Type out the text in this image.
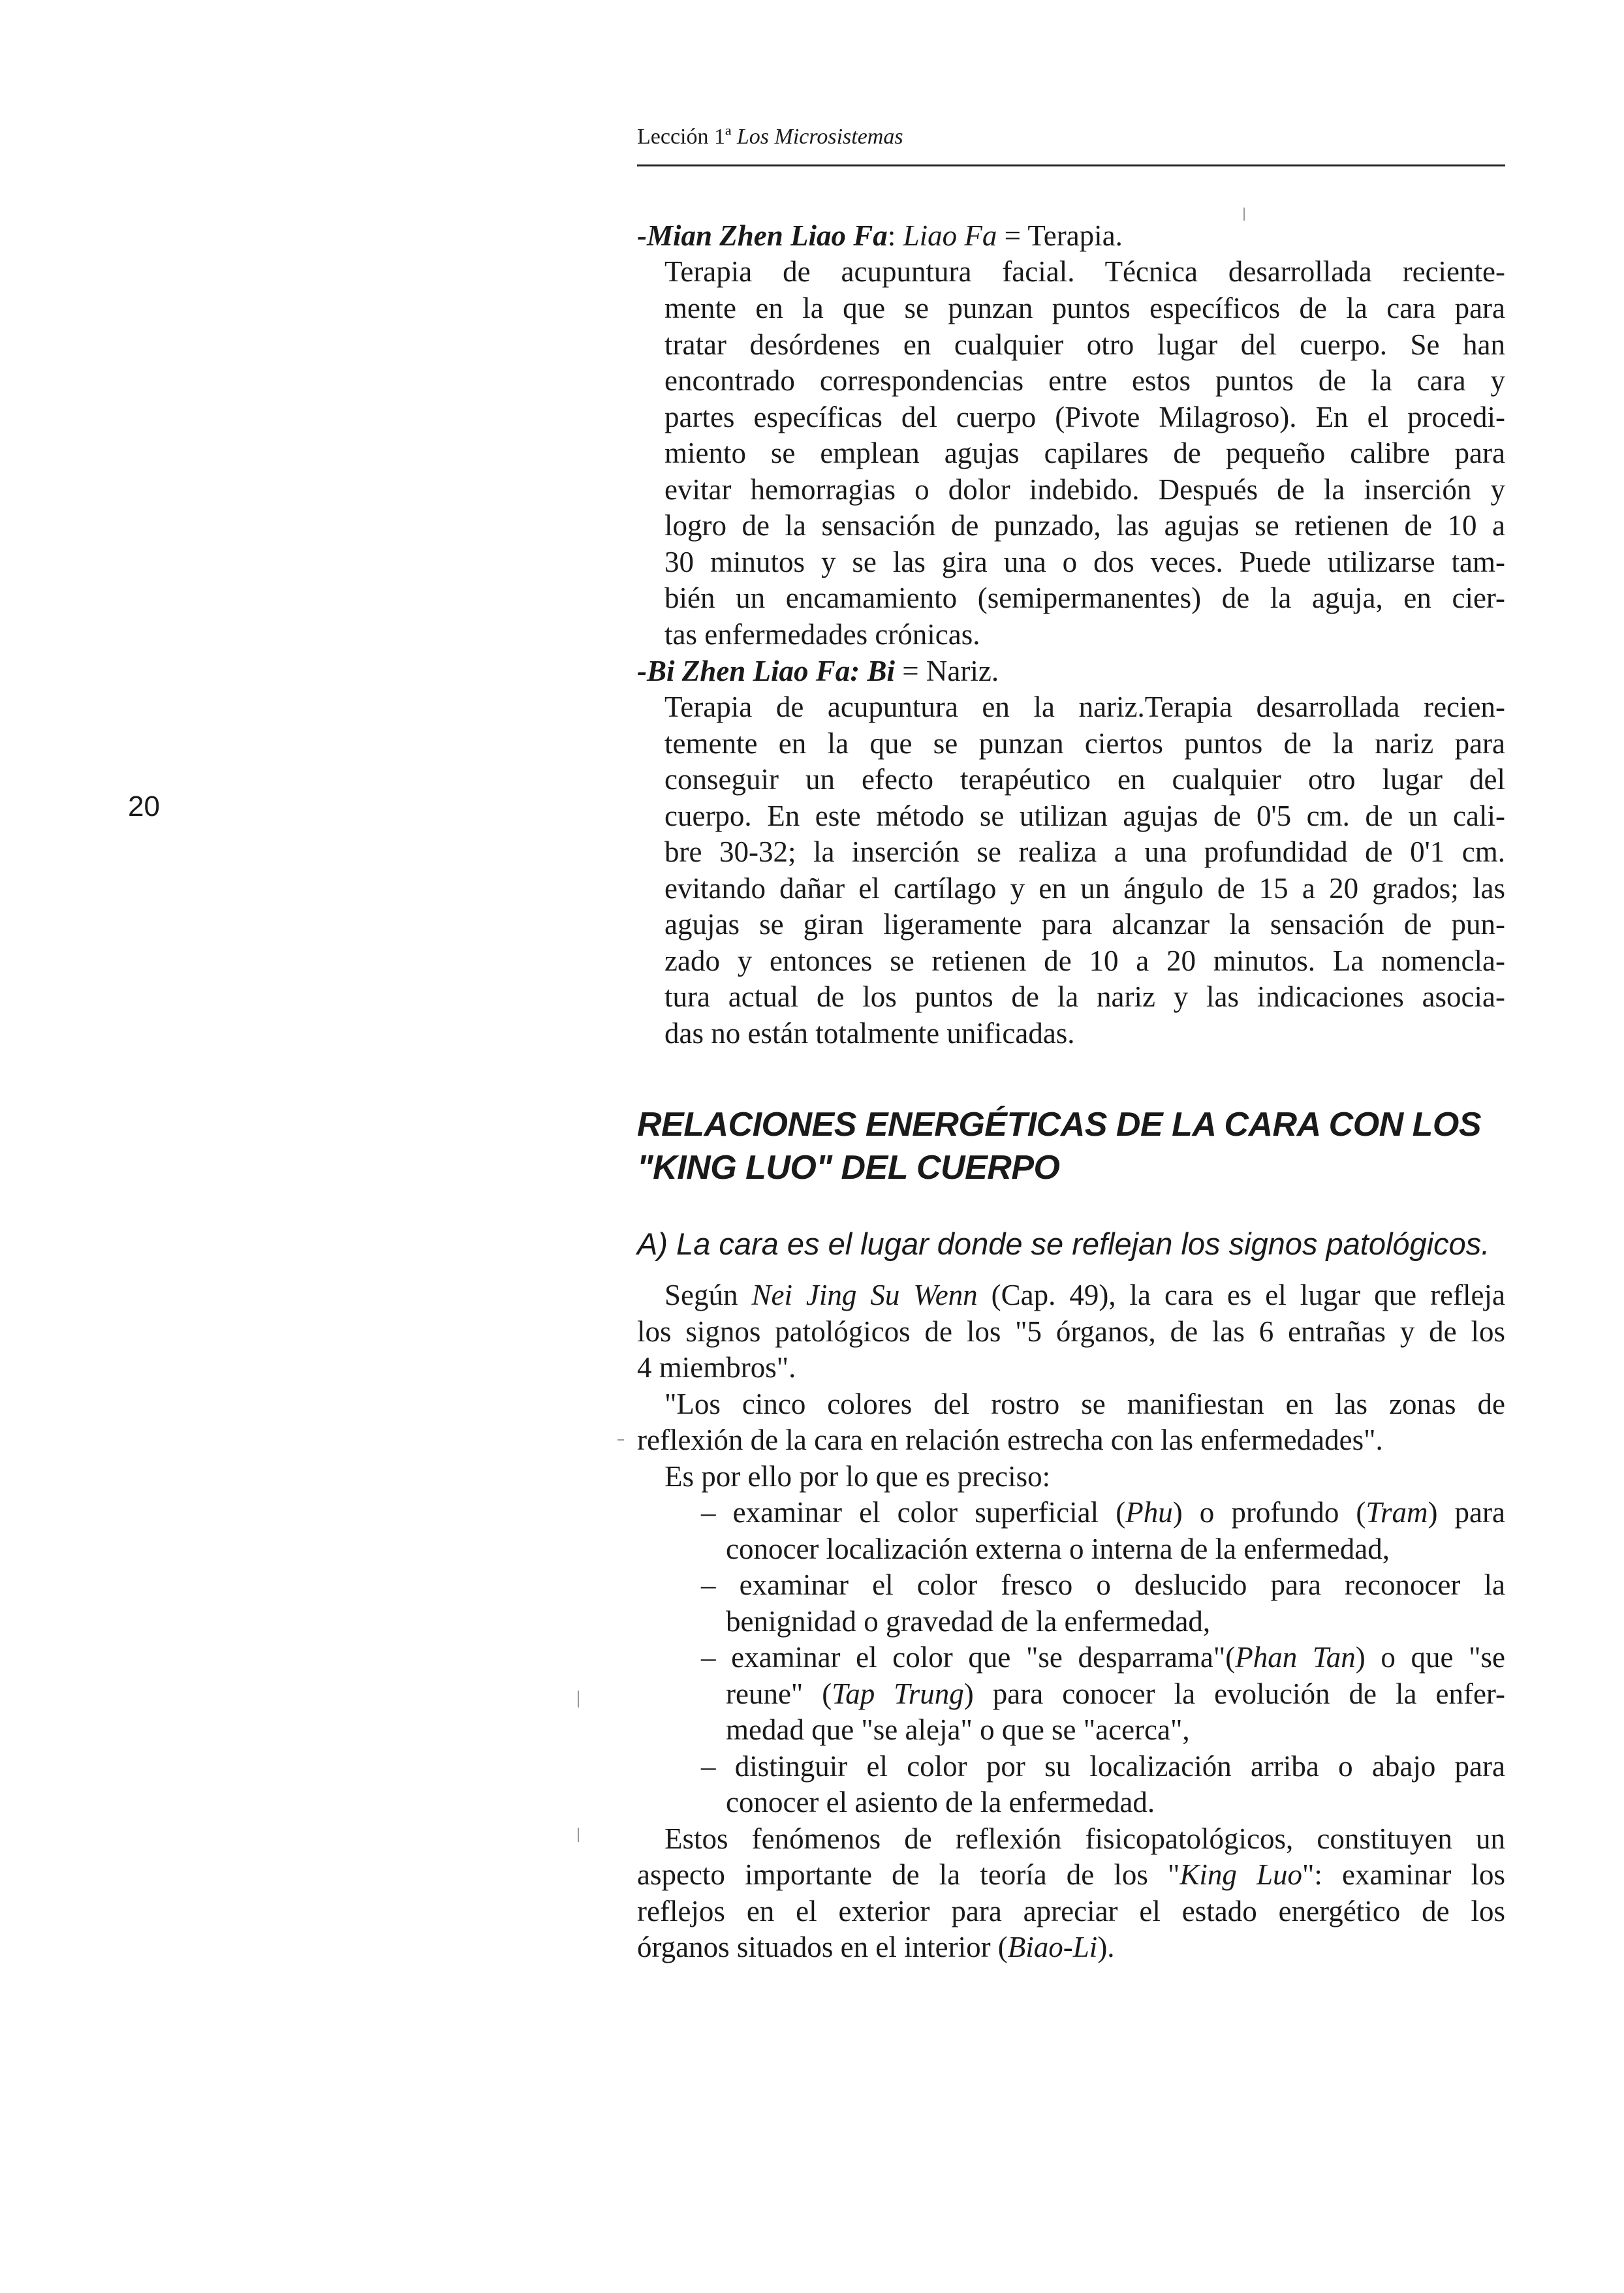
Lección 1ª Los Microsistemas
20
-Mian Zhen Liao Fa: Liao Fa = Terapia.
Terapia de acupuntura facial. Técnica desarrollada reciente-
mente en la que se punzan puntos específicos de la cara para
tratar desórdenes en cualquier otro lugar del cuerpo. Se han
encontrado correspondencias entre estos puntos de la cara y
partes específicas del cuerpo (Pivote Milagroso). En el procedi-
miento se emplean agujas capilares de pequeño calibre para
evitar hemorragias o dolor indebido. Después de la inserción y
logro de la sensación de punzado, las agujas se retienen de 10 a
30 minutos y se las gira una o dos veces. Puede utilizarse tam-
bién un encamamiento (semipermanentes) de la aguja, en cier-
tas enfermedades crónicas.
-Bi Zhen Liao Fa: Bi = Nariz.
Terapia de acupuntura en la nariz.Terapia desarrollada recien-
temente en la que se punzan ciertos puntos de la nariz para
conseguir un efecto terapéutico en cualquier otro lugar del
cuerpo. En este método se utilizan agujas de 0'5 cm. de un cali-
bre 30-32; la inserción se realiza a una profundidad de 0'1 cm.
evitando dañar el cartílago y en un ángulo de 15 a 20 grados; las
agujas se giran ligeramente para alcanzar la sensación de pun-
zado y entonces se retienen de 10 a 20 minutos. La nomencla-
tura actual de los puntos de la nariz y las indicaciones asocia-
das no están totalmente unificadas.
RELACIONES ENERGÉTICAS DE LA CARA CON LOS
"KING LUO" DEL CUERPO
A) La cara es el lugar donde se reflejan los signos patológicos.
Según Nei Jing Su Wenn (Cap. 49), la cara es el lugar que refleja
los signos patológicos de los "5 órganos, de las 6 entrañas y de los
4 miembros".
"Los cinco colores del rostro se manifiestan en las zonas de
reflexión de la cara en relación estrecha con las enfermedades".
Es por ello por lo que es preciso:
– examinar el color superficial (Phu) o profundo (Tram) para
conocer localización externa o interna de la enfermedad,
– examinar el color fresco o deslucido para reconocer la
benignidad o gravedad de la enfermedad,
– examinar el color que "se desparrama"(Phan Tan) o que "se
reune" (Tap Trung) para conocer la evolución de la enfer-
medad que "se aleja" o que se "acerca",
– distinguir el color por su localización arriba o abajo para
conocer el asiento de la enfermedad.
Estos fenómenos de reflexión fisicopatológicos, constituyen un
aspecto importante de la teoría de los "King Luo": examinar los
reflejos en el exterior para apreciar el estado energético de los
órganos situados en el interior (Biao-Li).
